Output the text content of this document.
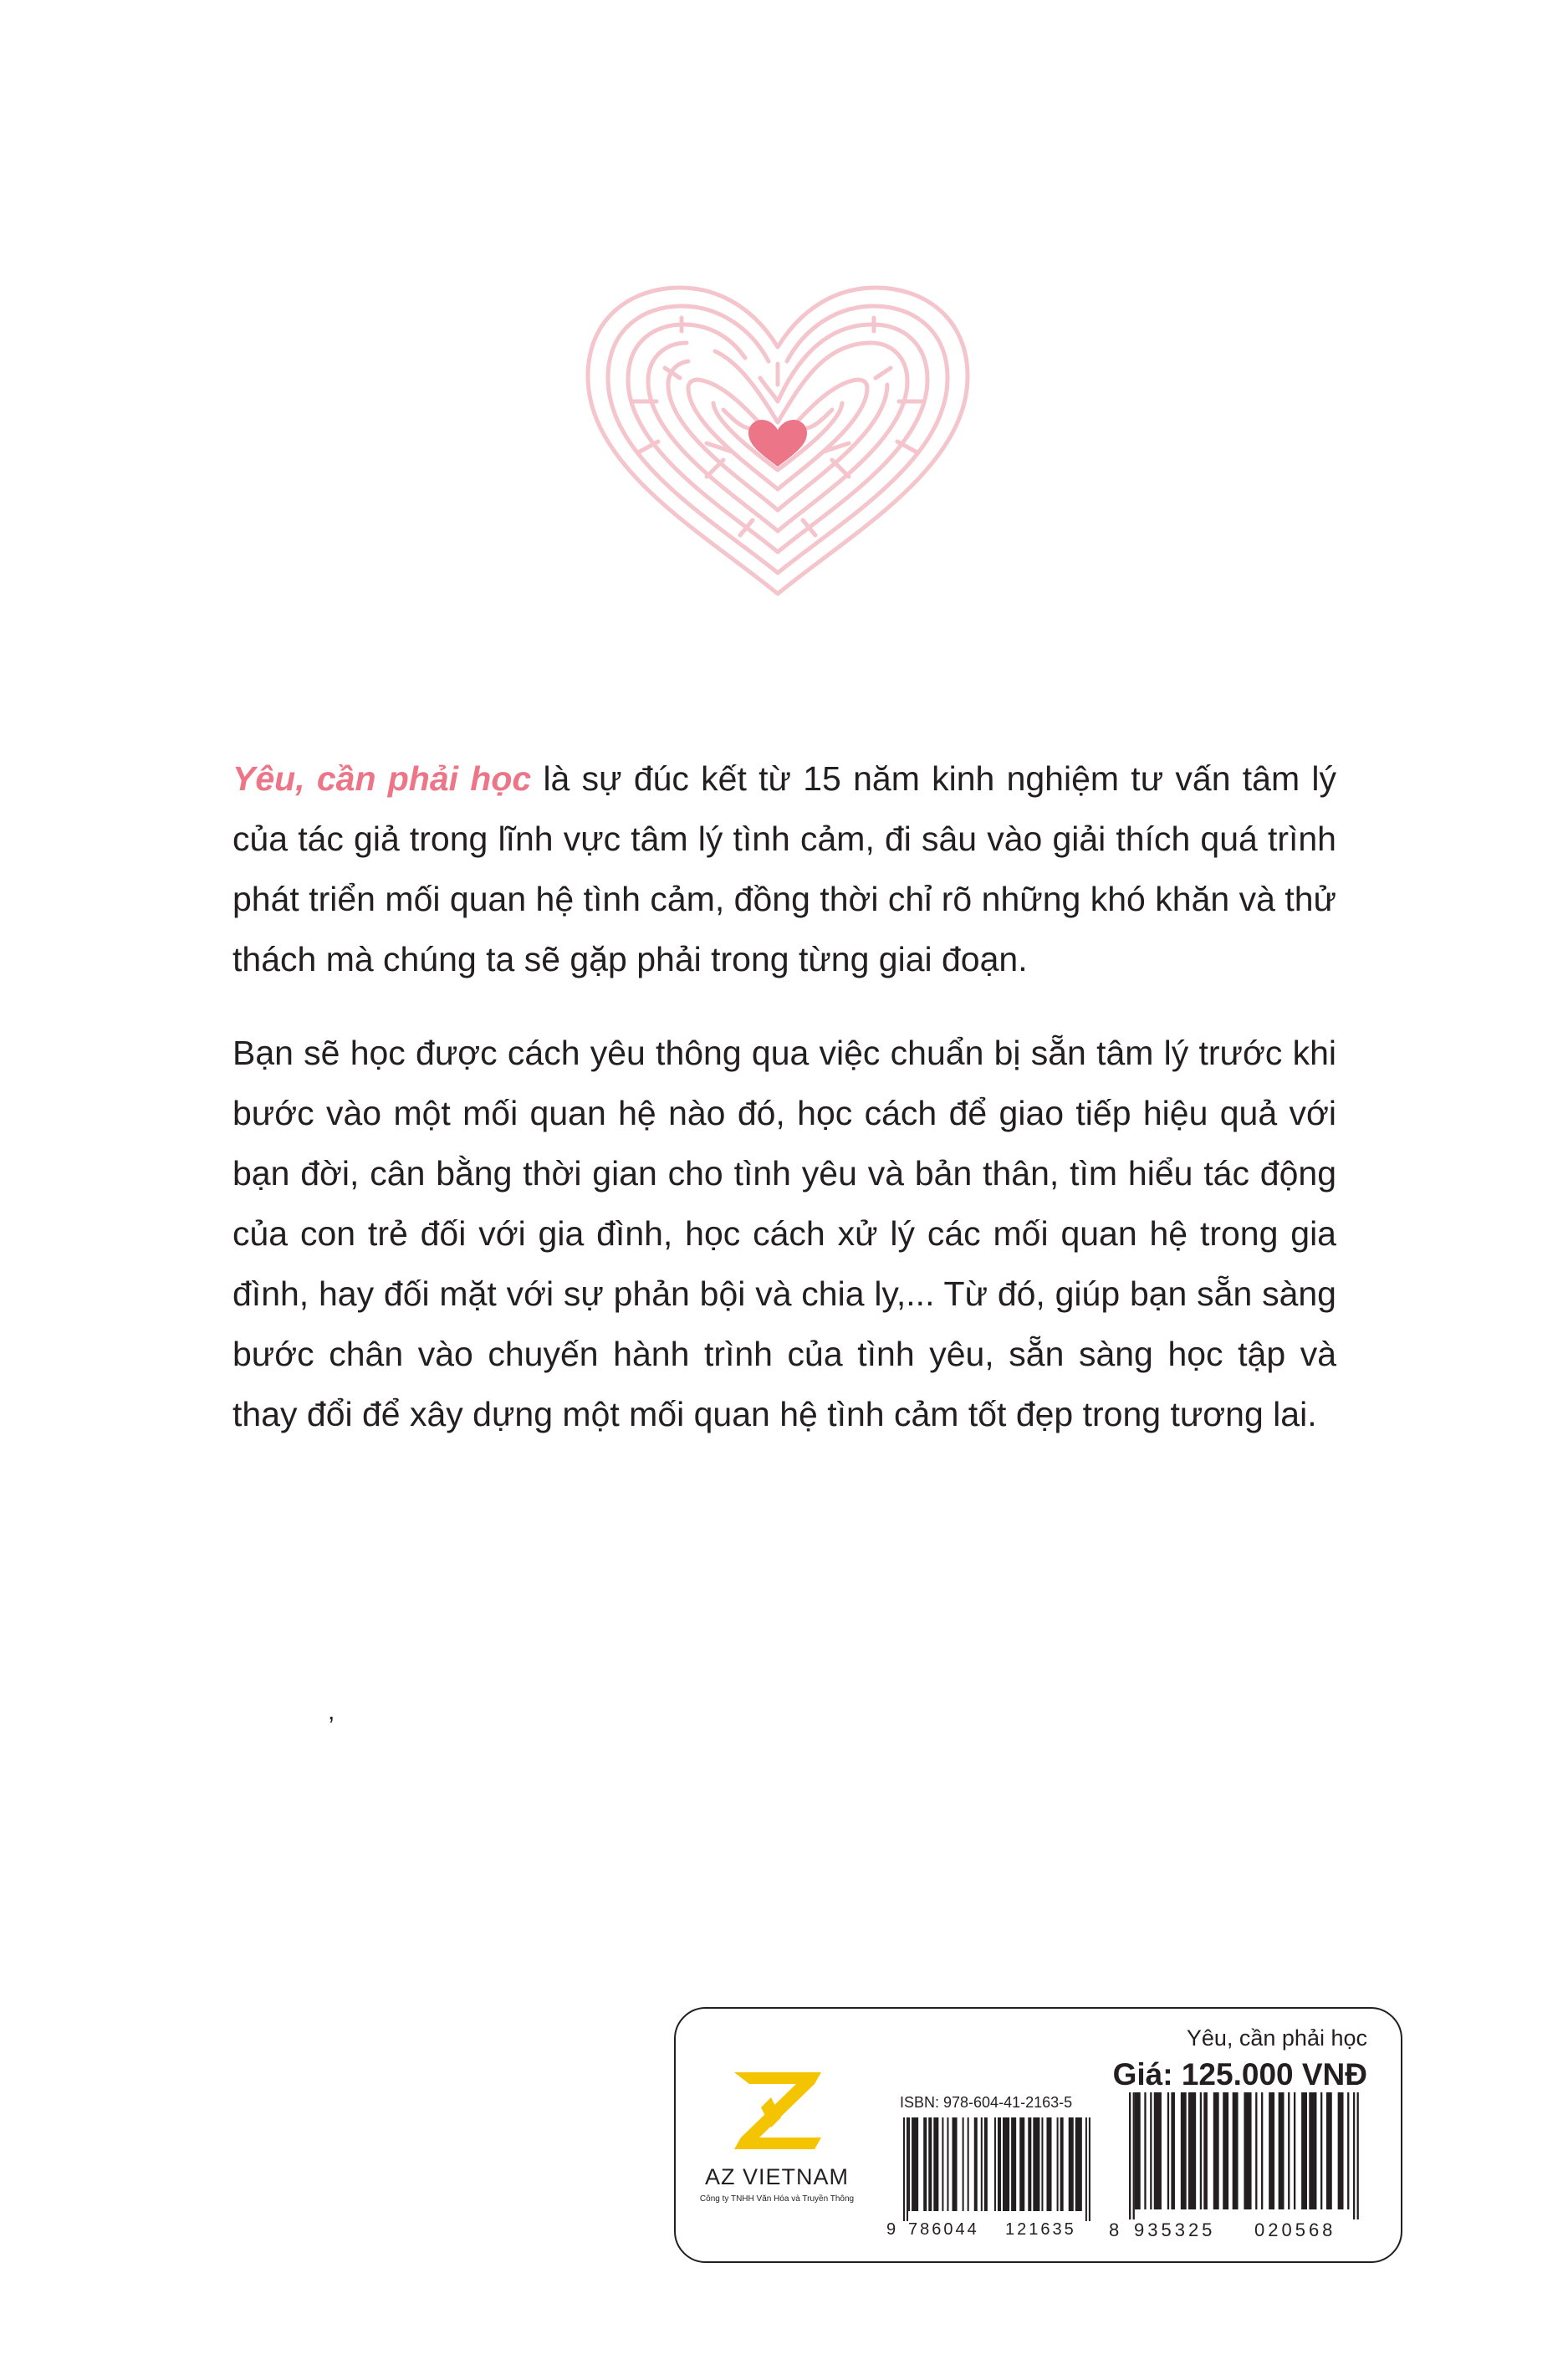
Yêu, cần phải học là sự đúc kết từ 15 năm kinh nghiệm tư vấn tâm lý của tác giả trong lĩnh vực tâm lý tình cảm, đi sâu vào giải thích quá trình phát triển mối quan hệ tình cảm, đồng thời chỉ rõ những khó khăn và thử thách mà chúng ta sẽ gặp phải trong từng giai đoạn.

Bạn sẽ học được cách yêu thông qua việc chuẩn bị sẵn tâm lý trước khi bước vào một mối quan hệ nào đó, học cách để giao tiếp hiệu quả với bạn đời, cân bằng thời gian cho tình yêu và bản thân, tìm hiểu tác động của con trẻ đối với gia đình, học cách xử lý các mối quan hệ trong gia đình, hay đối mặt với sự phản bội và chia ly,... Từ đó, giúp bạn sẵn sàng bước chân vào chuyến hành trình của tình yêu, sẵn sàng học tập và thay đổi để xây dựng một mối quan hệ tình cảm tốt đẹp trong tương lai.

,
Yêu, cần phải học
Giá: 125.000 VNĐ
AZ VIETNAM
Công ty TNHH Văn Hóa và Truyền Thông
ISBN: 978-604-41-2163-5
9 786044 121635 8 935325 020568
